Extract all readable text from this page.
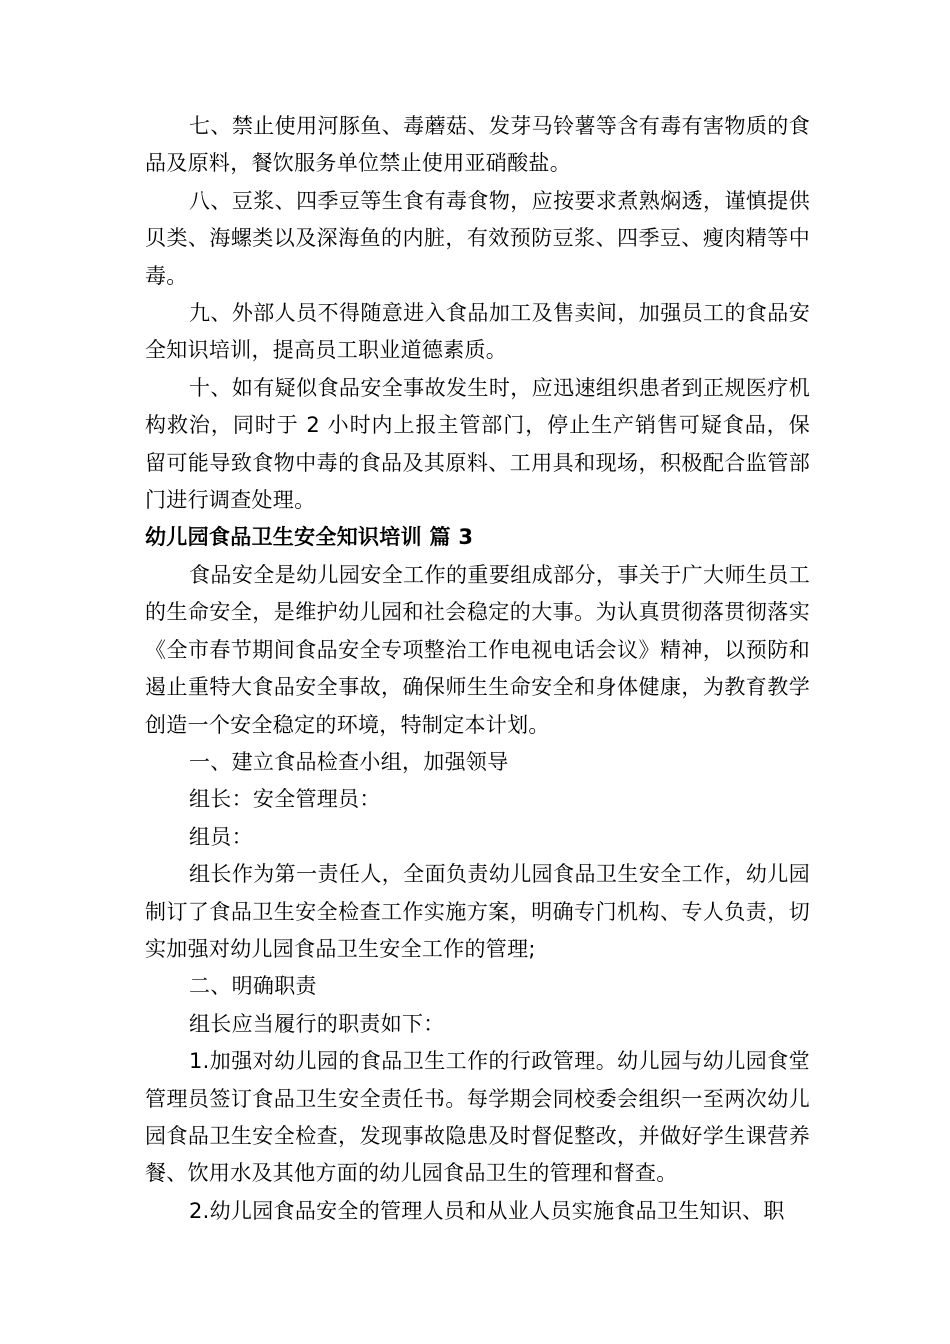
七、禁止使用河豚鱼、毒蘑菇、发芽马铃薯等含有毒有害物质的食品及原料，餐饮服务单位禁止使用亚硝酸盐。

八、豆浆、四季豆等生食有毒食物，应按要求煮熟焖透，谨慎提供贝类、海螺类以及深海鱼的内脏，有效预防豆浆、四季豆、瘦肉精等中毒。

九、外部人员不得随意进入食品加工及售卖间，加强员工的食品安全知识培训，提高员工职业道德素质。

十、如有疑似食品安全事故发生时，应迅速组织患者到正规医疗机构救治，同时于 2 小时内上报主管部门，停止生产销售可疑食品，保留可能导致食物中毒的食品及其原料、工用具和现场，积极配合监管部门进行调查处理。

幼儿园食品卫生安全知识培训 篇 3

食品安全是幼儿园安全工作的重要组成部分，事关于广大师生员工的生命安全，是维护幼儿园和社会稳定的大事。为认真贯彻落贯彻落实《全市春节期间食品安全专项整治工作电视电话会议》精神，以预防和遏止重特大食品安全事故，确保师生生命安全和身体健康，为教育教学创造一个安全稳定的环境，特制定本计划。

一、建立食品检查小组，加强领导

组长：安全管理员：

组员：

组长作为第一责任人，全面负责幼儿园食品卫生安全工作，幼儿园制订了食品卫生安全检查工作实施方案，明确专门机构、专人负责，切实加强对幼儿园食品卫生安全工作的管理;

二、明确职责

组长应当履行的职责如下：

1.加强对幼儿园的食品卫生工作的行政管理。幼儿园与幼儿园食堂管理员签订食品卫生安全责任书。每学期会同校委会组织一至两次幼儿园食品卫生安全检查，发现事故隐患及时督促整改，并做好学生课营养餐、饮用水及其他方面的幼儿园食品卫生的管理和督查。

2.幼儿园食品安全的管理人员和从业人员实施食品卫生知识、职
